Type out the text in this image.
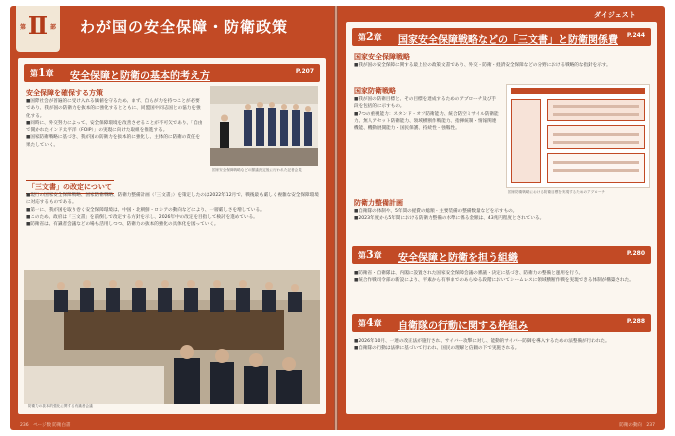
第 Ⅱ 部 わが国の安全保障・防衛政策
第1章 安全保障と防衛の基本的考え方	P.207
安全保障を確保する方策

■国際社会が普遍的に受け入れる価値を守るため、まず、自らが力を持つことが必要であり、我が国の防衛力を抜本的に強化するとともに、同盟国や同志国との協力を強化する。

■同時に、外交努力によって、安全保障環境を改善させることが不可欠であり、「自由で開かれたインド太平洋（FOIP）」の実現に向けた取組を推進する。

■国家防衛戦略に基づき、我が国の防衛力を抜本的に強化し、主体的に防衛の責任を果たしていく。

国家安全保障戦略などの閣議決定後に行われた記者会見
「三文書」の改定について

■現行の国家安全保障戦略、国家防衛戦略、防衛力整備計画（「三文書」）を策定したのは2022年12月で、戦後最も厳しく複雑な安全保障環境に対応するものである。

■第一に、我が国を取り巻く安全保障環境は、中国・北朝鮮・ロシアの動向などにより、一層厳しさを増している。

■このため、政府は「三文書」を前倒しで改定する方針を示し、2026年中の改定を目指して検討を進めている。

■防衛省は、有識者会議などの場も活用しつつ、防衛力の抜本的強化の具体化を図っていく。

防衛力の抜本的強化に関する有識者会議
236　ページ数 防衛白書
ダイジェスト
第2章 国家安全保障戦略などの「三文書」と防衛関係費 P.244
国家安全保障戦略

■我が国の安全保障に関する最上位の政策文書であり、外交・防衛・経済安全保障などの分野における戦略的な指針を示す。

国家防衛戦略

■我が国の防衛目標と、その目標を達成するためのアプローチ及び手段を包括的に示すもの。

■7つの重視能力：スタンド・オフ防衛能力、統合防空ミサイル防衛能力、無人アセット防衛能力、領域横断作戦能力、指揮統制・情報関連機能、機動展開能力・国民保護、持続性・強靱性。

国家防衛戦略における防衛目標を実現するためのアプローチ
防衛力整備計画

■自衛隊の体制や、5年間の経費の総額・主要装備の整備数量などを示すもの。

■2023年度から5年間における防衛力整備の水準に係る金額は、43兆円程度とされている。

第3章 安全保障と防衛を担う組織	P.280

■防衛省・自衛隊は、内閣に設置された国家安全保障会議の審議・決定に基づき、防衛力の整備と運用を行う。

■統合作戦司令部の新設により、平素から有事までのあらゆる段階においてシームレスに領域横断作戦を実現できる体制が構築された。

第4章 自衛隊の行動に関する枠組み	P.288

■2026年10月、一連の改正法が施行され、サイバー攻撃に対し、能動的サイバー防御を導入するための法整備が行われた。

■自衛隊の行動は法律に基づいて行われ、国民の理解と信頼の下で実施される。

防衛の動向　237
